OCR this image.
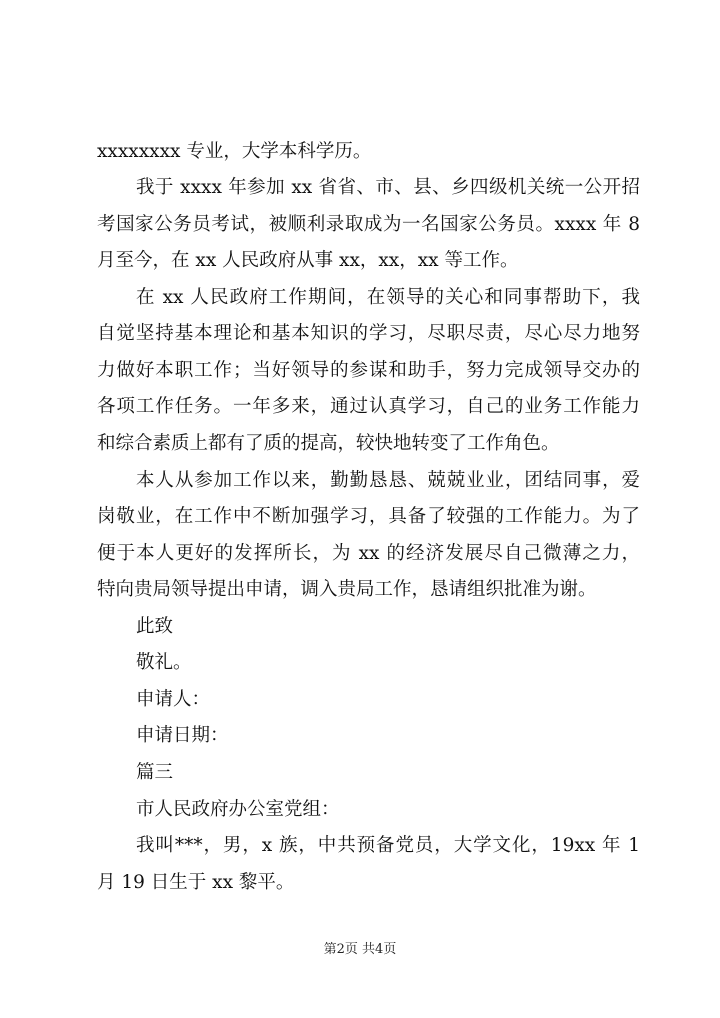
xxxxxxxx 专业，大学本科学历。
我于 xxxx 年参加 xx 省省、市、县、乡四级机关统一公开招
考国家公务员考试，被顺利录取成为一名国家公务员。xxxx 年 8
月至今，在 xx 人民政府从事 xx，xx，xx 等工作。
在 xx 人民政府工作期间，在领导的关心和同事帮助下，我
自觉坚持基本理论和基本知识的学习，尽职尽责，尽心尽力地努
力做好本职工作；当好领导的参谋和助手，努力完成领导交办的
各项工作任务。一年多来，通过认真学习，自己的业务工作能力
和综合素质上都有了质的提高，较快地转变了工作角色。
本人从参加工作以来，勤勤恳恳、兢兢业业，团结同事，爱
岗敬业，在工作中不断加强学习，具备了较强的工作能力。为了
便于本人更好的发挥所长，为 xx 的经济发展尽自己微薄之力，
特向贵局领导提出申请，调入贵局工作，恳请组织批准为谢。
此致
敬礼。
申请人：
申请日期：
篇三
市人民政府办公室党组：
我叫***，男，x 族，中共预备党员，大学文化，19xx 年 1
月 19 日生于 xx 黎平。
第2页 共4页
